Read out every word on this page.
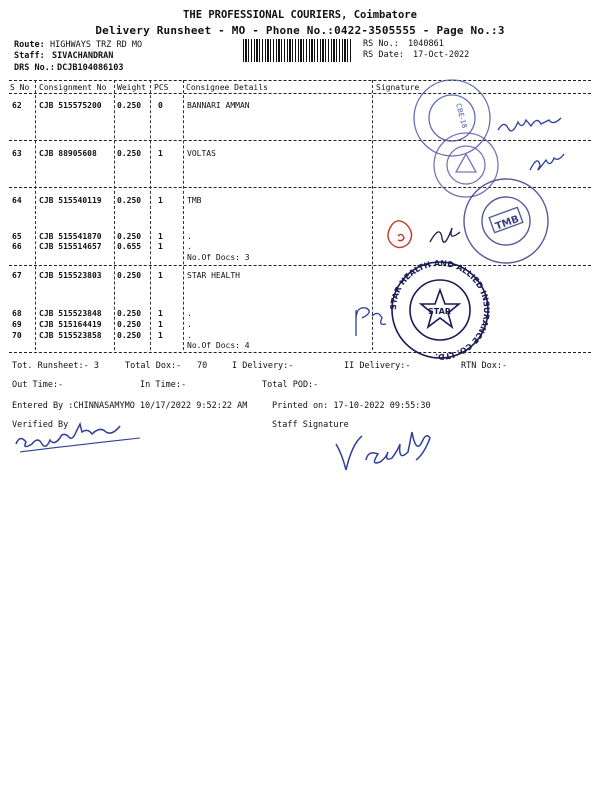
THE PROFESSIONAL COURIERS, Coimbatore
Delivery Runsheet - MO - Phone No.:0422-3505555 - Page No.:3
Route: HIGHWAYS TRZ RD MO
Staff: SIVACHANDRAN
DRS No.: DCJB104086103
RS No.: 1040861
RS Date: 17-Oct-2022
S No Consignment No Weight PCS Consignee Details	Signature
62 CJB 515575200 0.250 0	BANNARI AMMAN
63 CJB 88905608	0.250 1	VOLTAS
64 CJB 515540119 0.250 1	TMB
65 CJB 515541870 0.250 1	.
66 CJB 515514657 0.655 1	.
No.Of Docs: 3
67 CJB 515523803 0.250 1	STAR HEALTH
68 CJB 515523848 0.250 1	.
69 CJB 515164419 0.250 1	.
70 CJB 515523858 0.250 1	.
No.Of Docs: 4
Tot. Runsheet:- 3	Total Dox:- 70	I Delivery:-	II Delivery:-	RTN Dox:-
Out Time:-	In Time:-	Total POD:-
Entered By :CHINNASAMYMO 10/17/2022 9:52:22 AM	Printed on: 17-10-2022 09:55:30
Verified By	Staff Signature
CBE-18
TMB
STAR HEALTH AND ALLIED INSURANCE CO. LTD.
STAR
